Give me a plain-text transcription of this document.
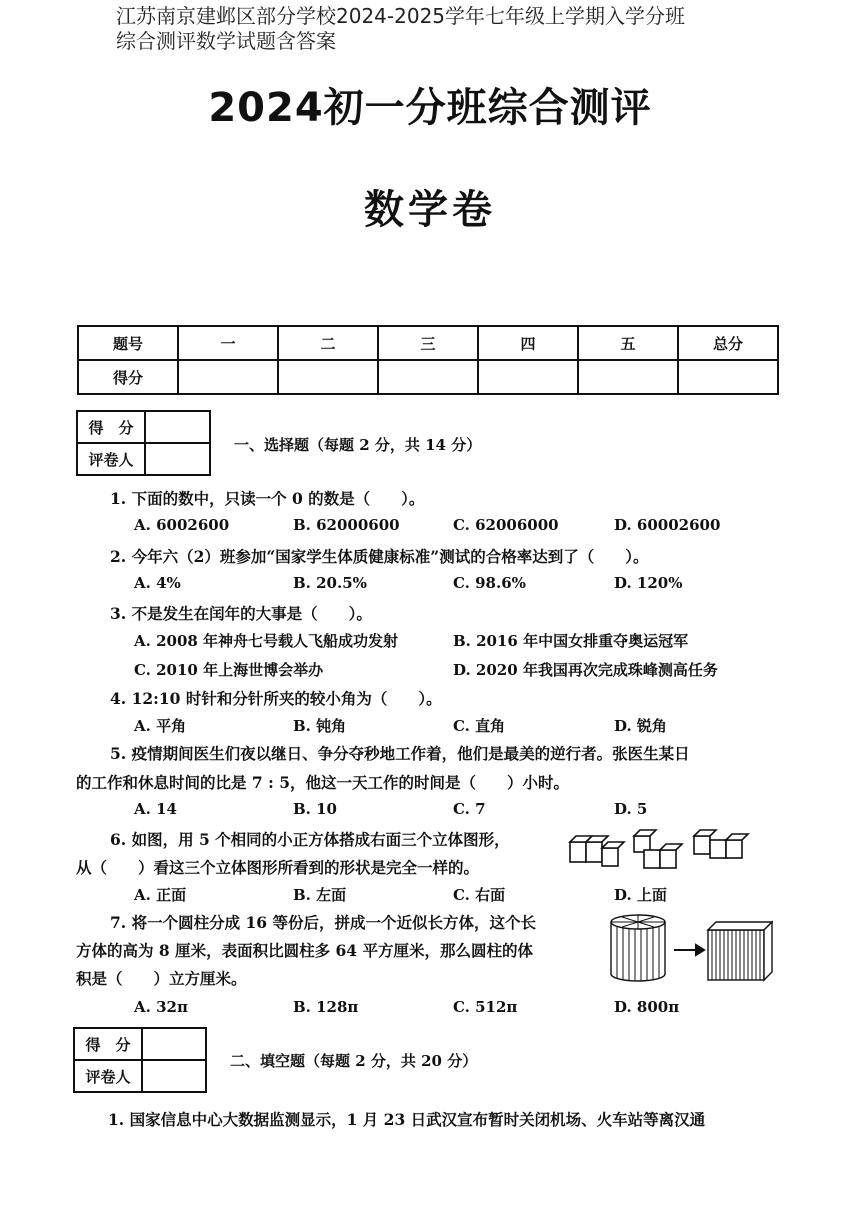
江苏南京建邺区部分学校2024-2025学年七年级上学期入学分班
综合测评数学试题含答案
2024初一分班综合测评
数学卷
题号	一	二	三	四	五	总分
得分						
得　分	
评卷人	
一、选择题（每题 2 分，共 14 分）
1. 下面的数中，只读一个 0 的数是（　　）。
A. 6002600	B. 62000600	C. 62006000	D. 60002600
2. 今年六（2）班参加“国家学生体质健康标准”测试的合格率达到了（　　）。
A. 4%	B. 20.5%	C. 98.6%	D. 120%
3. 不是发生在闰年的大事是（　　）。
A. 2008 年神舟七号载人飞船成功发射	B. 2016 年中国女排重夺奥运冠军
C. 2010 年上海世博会举办	D. 2020 年我国再次完成珠峰测高任务
4. 12:10 时针和分针所夹的较小角为（　　）。
A. 平角	B. 钝角	C. 直角	D. 锐角
5. 疫情期间医生们夜以继日、争分夺秒地工作着，他们是最美的逆行者。张医生某日
的工作和休息时间的比是 7 : 5，他这一天工作的时间是（　　）小时。
A. 14	B. 10	C. 7	D. 5
6. 如图，用 5 个相同的小正方体搭成右面三个立体图形，
从（　　）看这三个立体图形所看到的形状是完全一样的。
A. 正面	B. 左面	C. 右面	D. 上面
7. 将一个圆柱分成 16 等份后，拼成一个近似长方体，这个长
方体的高为 8 厘米，表面积比圆柱多 64 平方厘米，那么圆柱的体
积是（　　）立方厘米。
A. 32π	B. 128π	C. 512π	D. 800π
得　分	
评卷人	
二、填空题（每题 2 分，共 20 分）
1. 国家信息中心大数据监测显示，1 月 23 日武汉宣布暂时关闭机场、火车站等离汉通
